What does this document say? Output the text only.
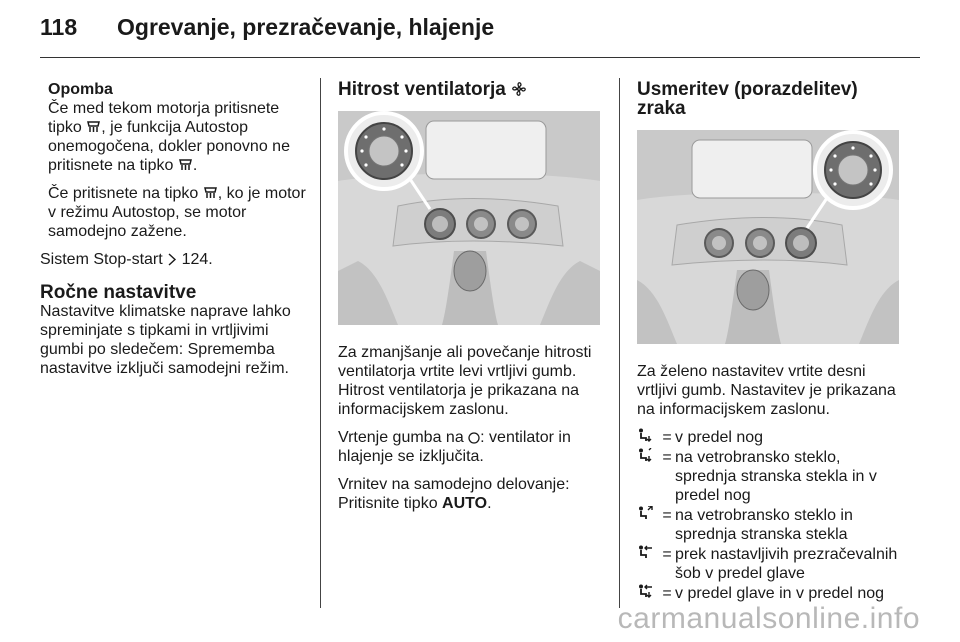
118 Ogrevanje, prezračevanje, hlajenje
Opomba

Če med tekom motorja pritisnete tipko , je funkcija Autostop onemogočena, dokler ponovno ne pritisnete na tipko .

Če pritisnete na tipko , ko je motor v režimu Autostop, se motor samodejno zažene.

Sistem Stop-start  124.

Ročne nastavitve

Nastavitve klimatske naprave lahko spreminjate s tipkami in vrtljivimi gumbi po sledečem: Sprememba nastavitve izključi samodejni režim.

Hitrost ventilatorja

Za zmanjšanje ali povečanje hitrosti ventilatorja vrtite levi vrtljivi gumb. Hitrost ventilatorja je prikazana na informacijskem zaslonu.

Vrtenje gumba na : ventilator in hlajenje se izključita.

Vrnitev na samodejno delovanje: Pritisnite tipko AUTO.

Usmeritev (porazdelitev) zraka

Za želeno nastavitev vrtite desni vrtljivi gumb. Nastavitev je prikazana na informacijskem zaslonu.

= v predel nog
= na vetrobransko steklo, sprednja stranska stekla in v predel nog
= na vetrobransko steklo in sprednja stranska stekla
= prek nastavljivih prezračevalnih šob v predel glave
= v predel glave in v predel nog
carmanualsonline.info
